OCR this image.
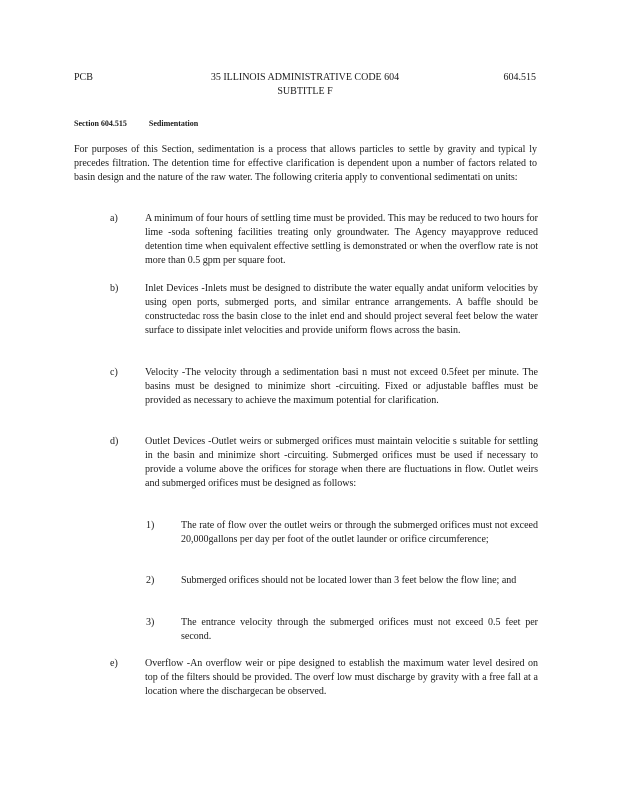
PCB	35 ILLINOIS ADMINISTRATIVE CODE 604
SUBTITLE F
604.515
Section 604.515	Sedimentation
For purposes of this Section, sedimentation is a process that allows particles to settle by gravity and typical ly precedes filtration. The detention time for effective clarification is dependent upon a number of factors related to basin design and the nature of the raw water. The following criteria apply to conventional sedimentati on units:
a)	A minimum of four hours of settling time must be provided. This may be reduced to two hours for lime -soda softening facilities treating only groundwater. The Agency mayapprove reduced detention time when equivalent effective settling is demonstrated or when the overflow rate is not more than 0.5 gpm per square foot.
b)	Inlet Devices -Inlets must be designed to distribute the water equally andat uniform velocities by using open ports, submerged ports, and similar entrance arrangements. A baffle should be constructedac ross the basin close to the inlet end and should project several feet below the water surface to dissipate inlet velocities and provide uniform flows across the basin.
c)	Velocity -The velocity through a sedimentation basi n must not exceed 0.5feet per minute. The basins must be designed to minimize short -circuiting. Fixed or adjustable baffles must be provided as necessary to achieve the maximum potential for clarification.
d)	Outlet Devices -Outlet weirs or submerged orifices must maintain velocitie s suitable for settling in the basin and minimize short -circuiting. Submerged orifices must be used if necessary to provide a volume above the orifices for storage when there are fluctuations in flow. Outlet weirs and submerged orifices must be designed as follows:
1)	The rate of flow over the outlet weirs or through the submerged orifices must not exceed 20,000gallons per day per foot of the outlet launder or orifice circumference;
2)	Submerged orifices should not be located lower than 3 feet below the flow line; and
3)	The entrance velocity through the submerged orifices must not exceed 0.5 feet per second.
e)	Overflow -An overflow weir or pipe designed to establish the maximum water level desired on top of the filters should be provided. The overf low must discharge by gravity with a free fall at a location where the dischargecan be observed.
